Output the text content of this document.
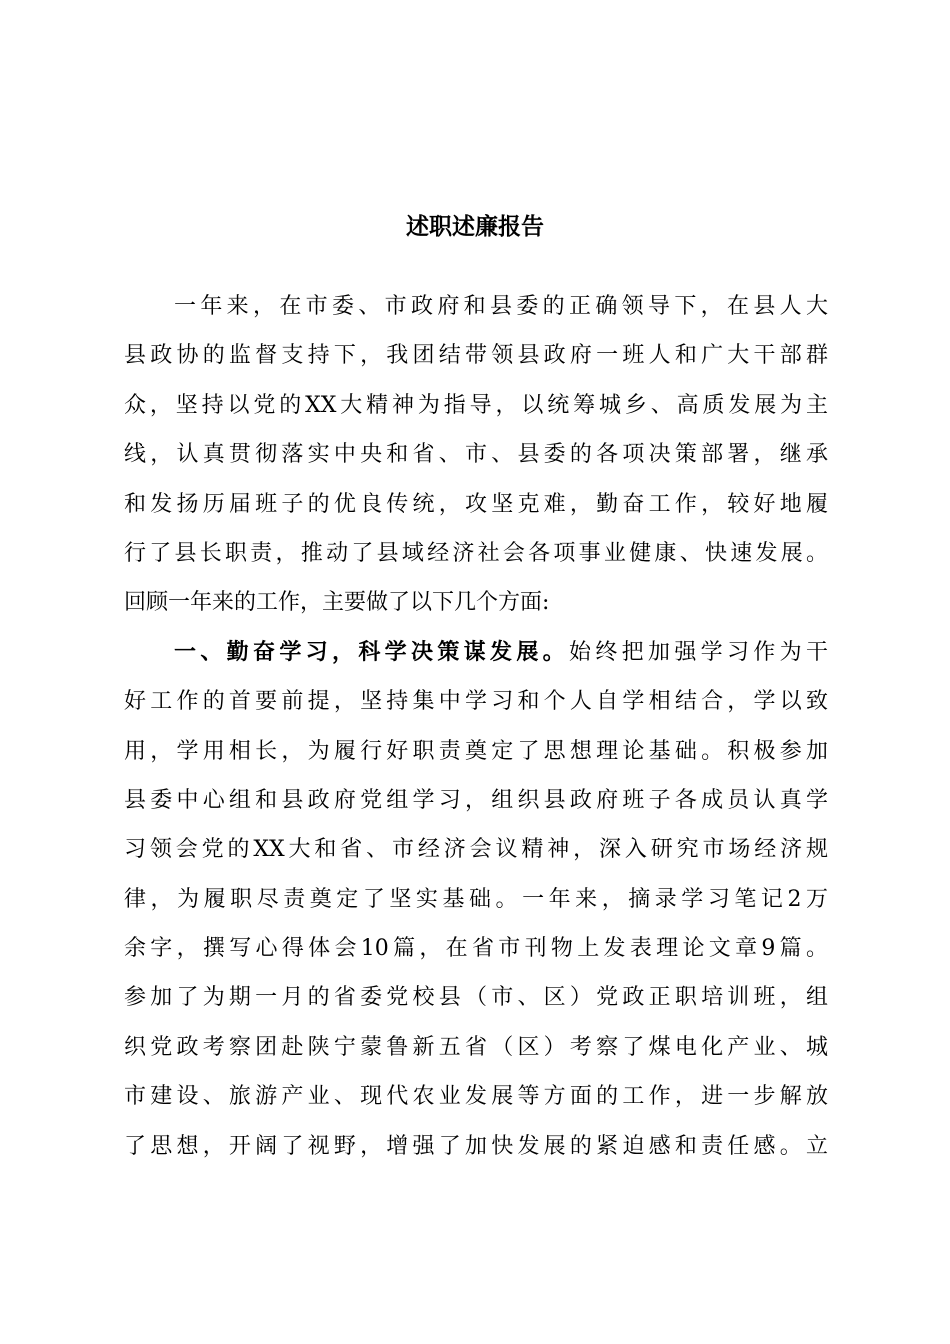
述职述廉报告
一年来，在市委、市政府和县委的正确领导下，在县人大
县政协的监督支持下，我团结带领县政府一班人和广大干部群
众，坚持以党的XX大精神为指导，以统筹城乡、高质发展为主
线，认真贯彻落实中央和省、市、县委的各项决策部署，继承
和发扬历届班子的优良传统，攻坚克难，勤奋工作，较好地履
行了县长职责，推动了县域经济社会各项事业健康、快速发展。
回顾一年来的工作，主要做了以下几个方面:
一、勤奋学习，科学决策谋发展。始终把加强学习作为干
好工作的首要前提，坚持集中学习和个人自学相结合，学以致
用，学用相长，为履行好职责奠定了思想理论基础。积极参加
县委中心组和县政府党组学习，组织县政府班子各成员认真学
习领会党的XX大和省、市经济会议精神，深入研究市场经济规
律，为履职尽责奠定了坚实基础。一年来，摘录学习笔记2万
余字，撰写心得体会10篇，在省市刊物上发表理论文章9篇。
参加了为期一月的省委党校县（市、区）党政正职培训班，组
织党政考察团赴陕宁蒙鲁新五省（区）考察了煤电化产业、城
市建设、旅游产业、现代农业发展等方面的工作，进一步解放
了思想，开阔了视野，增强了加快发展的紧迫感和责任感。立
